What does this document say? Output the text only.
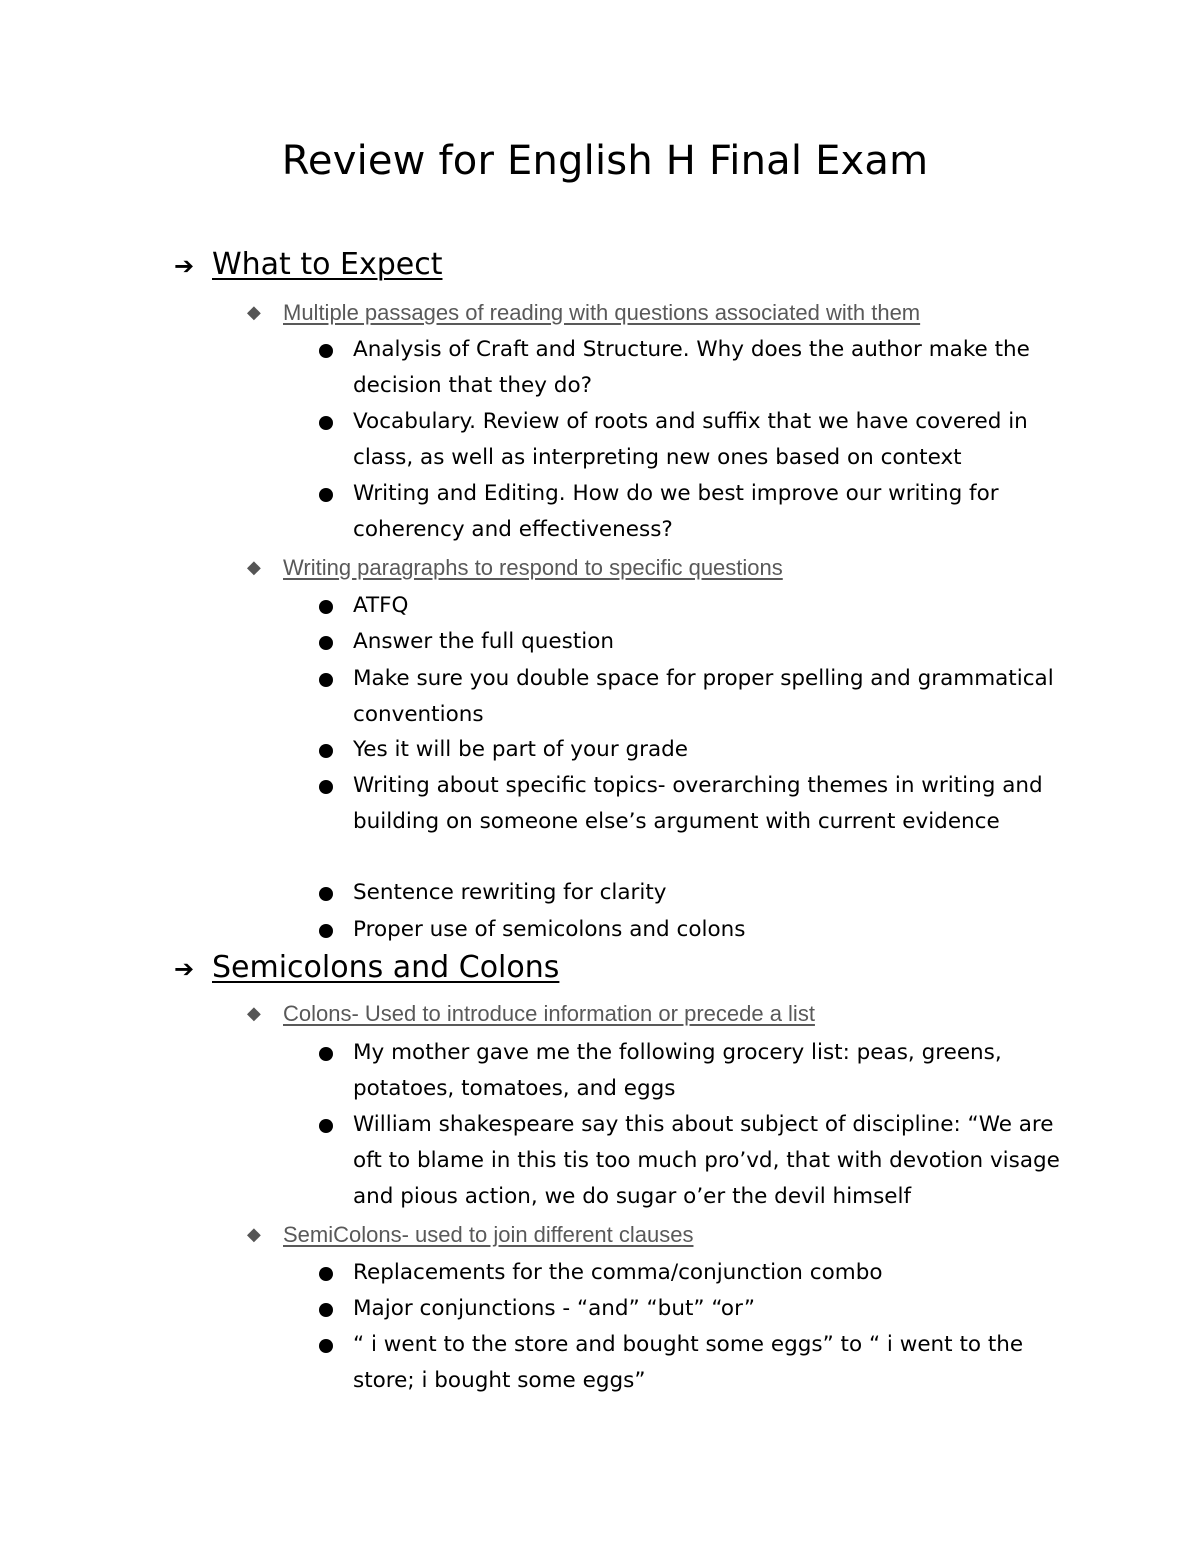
Review for English H Final Exam
➔ What to Expect
◆ Multiple passages of reading with questions associated with them
Analysis of Craft and Structure. Why does the author make the decision that they do?
Vocabulary. Review of roots and suffix that we have covered in class, as well as interpreting new ones based on context
Writing and Editing. How do we best improve our writing for coherency and effectiveness?
◆ Writing paragraphs to respond to specific questions
ATFQ
Answer the full question
Make sure you double space for proper spelling and grammatical conventions
Yes it will be part of your grade
Writing about specific topics- overarching themes in writing and building on someone else’s argument with current evidence
Sentence rewriting for clarity
Proper use of semicolons and colons
➔ Semicolons and Colons
◆ Colons- Used to introduce information or precede a list
My mother gave me the following grocery list: peas, greens, potatoes, tomatoes, and eggs
William shakespeare say this about subject of discipline: “We are oft to blame in this tis too much pro’vd, that with devotion visage and pious action, we do sugar o’er the devil himself
◆ SemiColons- used to join different clauses
Replacements for the comma/conjunction combo
Major conjunctions - “and” “but” “or”
“ i went to the store and bought some eggs” to “ i went to the store; i bought some eggs”
